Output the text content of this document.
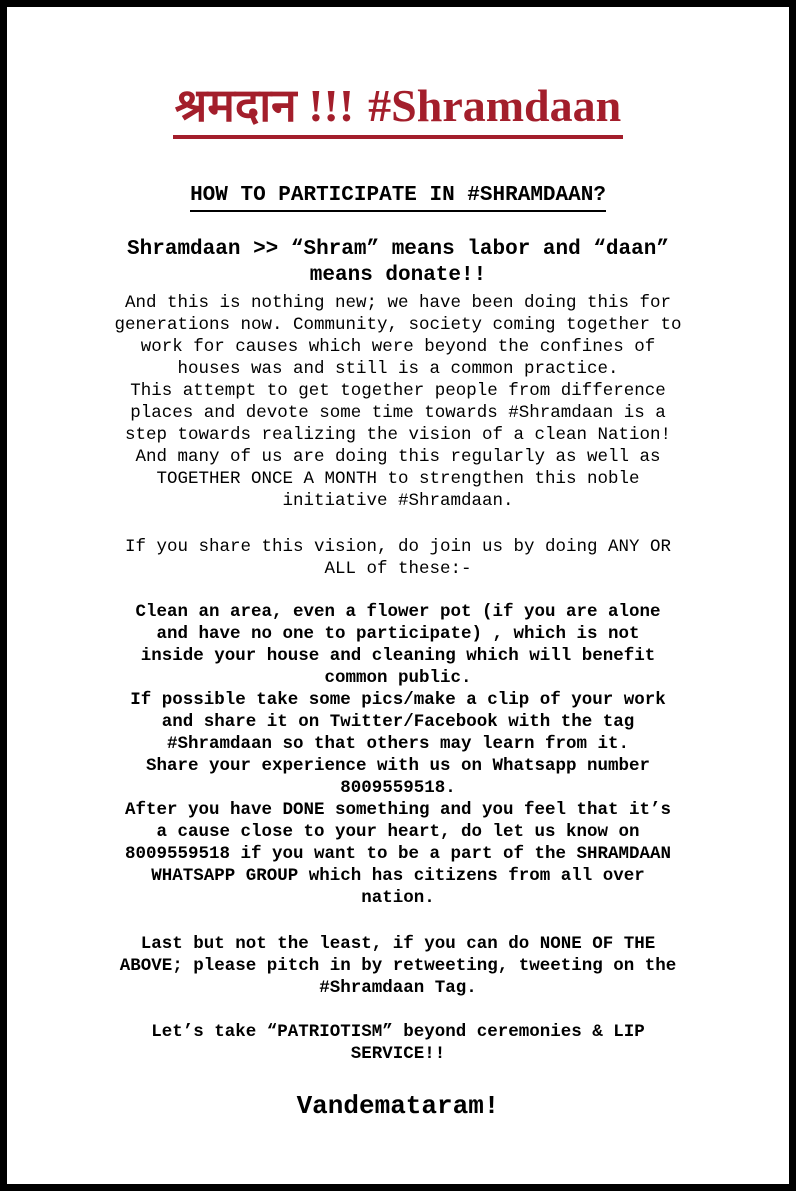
श्रमदान !!! #Shramdaan
HOW TO PARTICIPATE IN #SHRAMDAAN?
Shramdaan >> “Shram” means labor and “daan”
means donate!!
And this is nothing new; we have been doing this for
generations now. Community, society coming together to
work for causes which were beyond the confines of
houses was and still is a common practice.
This attempt to get together people from difference
places and devote some time towards #Shramdaan is a
step towards realizing the vision of a clean Nation!
And many of us are doing this regularly as well as
TOGETHER ONCE A MONTH to strengthen this noble
initiative #Shramdaan.
If you share this vision, do join us by doing ANY OR
ALL of these:-
Clean an area, even a flower pot (if you are alone
and have no one to participate) , which is not
inside your house and cleaning which will benefit
common public.
If possible take some pics/make a clip of your work
and share it on Twitter/Facebook with the tag
#Shramdaan so that others may learn from it.
Share your experience with us on Whatsapp number
8009559518.
After you have DONE something and you feel that it’s
a cause close to your heart, do let us know on
8009559518 if you want to be a part of the SHRAMDAAN
WHATSAPP GROUP which has citizens from all over
nation.
Last but not the least, if you can do NONE OF THE
ABOVE; please pitch in by retweeting, tweeting on the
#Shramdaan Tag.
Let’s take “PATRIOTISM” beyond ceremonies & LIP
SERVICE!!
Vandemataram!
